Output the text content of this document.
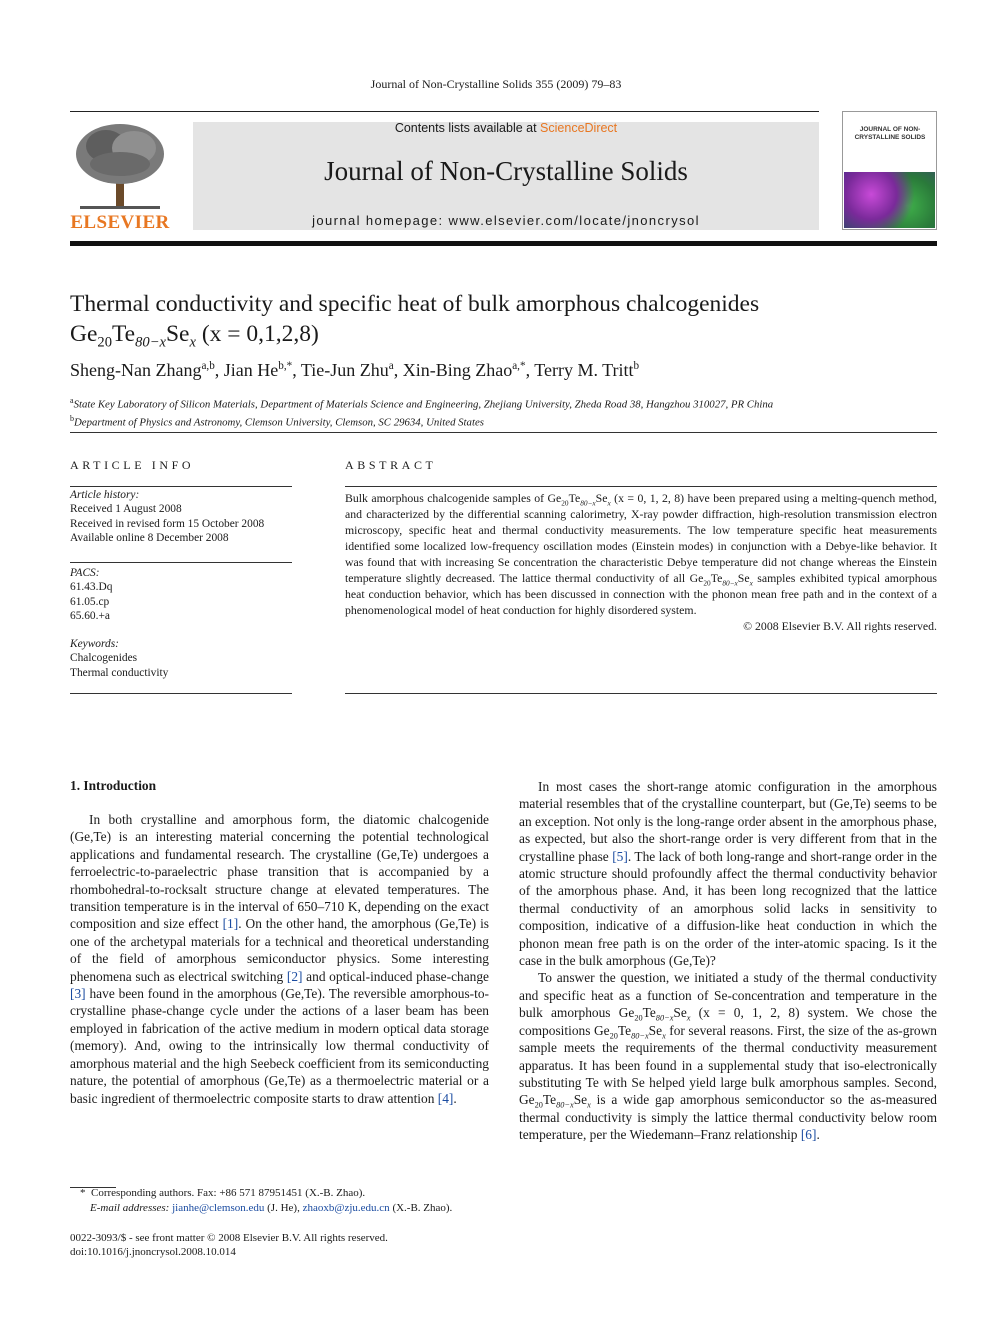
Journal of Non-Crystalline Solids 355 (2009) 79–83
ELSEVIER
Contents lists available at ScienceDirect
Journal of Non-Crystalline Solids
journal homepage: www.elsevier.com/locate/jnoncrysol
JOURNAL OF NON-CRYSTALLINE SOLIDS
Thermal conductivity and specific heat of bulk amorphous chalcogenides
$Ge_{20}Te_{80-x}Se_x$ (x = 0,1,2,8)
Sheng-Nan Zhang$^{a,b}$, Jian $He^{b,*}$, Tie-Jun Zhu$^a$, Xin-Bing Zhao$^{a,*}$, Terry M. Tritt$^b$
$^a$State Key Laboratory of Silicon Materials, Department of Materials Science and Engineering, Zhejiang University, Zheda Road 38, Hangzhou 310027, PR China
$^b$Department of Physics and Astronomy, Clemson University, Clemson, SC 29634, United States
ARTICLE INFO
Article history:
Received 1 August 2008
Received in revised form 15 October 2008
Available online 8 December 2008
PACS:
61.43.Dq
61.05.cp
65.60.+a
Keywords:
Chalcogenides
Thermal conductivity
ABSTRACT
Bulk amorphous chalcogenide samples of $Ge_{20}Te_{80-x}Se_x$ (x = 0, 1, 2, 8) have been prepared using a melting-quench method, and characterized by the differential scanning calorimetry, X-ray powder diffraction, high-resolution transmission electron microscopy, specific heat and thermal conductivity measurements. The low temperature specific heat measurements identified some localized low-frequency oscillation modes (Einstein modes) in conjunction with a Debye-like behavior. It was found that with increasing Se concentration the characteristic Debye temperature did not change whereas the Einstein temperature slightly decreased. The lattice thermal conductivity of all $Ge_{20}Te_{80-x}Se_x$ samples exhibited typical amorphous heat conduction behavior, which has been discussed in connection with the phonon mean free path and in the context of a phenomenological model of heat conduction for highly disordered system.
© 2008 Elsevier B.V. All rights reserved.
1. Introduction

In both crystalline and amorphous form, the diatomic chalcogenide (Ge,Te) is an interesting material concerning the potential technological applications and fundamental research. The crystalline (Ge,Te) undergoes a ferroelectric-to-paraelectric phase transition that is accompanied by a rhombohedral-to-rocksalt structure change at elevated temperatures. The transition temperature is in the interval of 650–710 K, depending on the exact composition and size effect [1]. On the other hand, the amorphous (Ge,Te) is one of the archetypal materials for a technical and theoretical understanding of the field of amorphous semiconductor physics. Some interesting phenomena such as electrical switching [2] and optical-induced phase-change [3] have been found in the amorphous (Ge,Te). The reversible amorphous-to-crystalline phase-change cycle under the actions of a laser beam has been employed in fabrication of the active medium in modern optical data storage (memory). And, owing to the intrinsically low thermal conductivity of amorphous material and the high Seebeck coefficient from its semiconducting nature, the potential of amorphous (Ge,Te) as a thermoelectric material or a basic ingredient of thermoelectric composite starts to draw attention [4].

In most cases the short-range atomic configuration in the amorphous material resembles that of the crystalline counterpart, but (Ge,Te) seems to be an exception. Not only is the long-range order absent in the amorphous phase, as expected, but also the short-range order is very different from that in the crystalline phase [5]. The lack of both long-range and short-range order in the atomic structure should profoundly affect the thermal conductivity behavior of the amorphous phase. And, it has been long recognized that the lattice thermal conductivity of an amorphous solid lacks in sensitivity to composition, indicative of a diffusion-like heat conduction in which the phonon mean free path is on the order of the inter-atomic spacing. Is it the case in the bulk amorphous (Ge,Te)?

To answer the question, we initiated a study of the thermal conductivity and specific heat as a function of Se-concentration and temperature in the bulk amorphous $Ge_{20}Te_{80-x}Se_x$ (x = 0, 1, 2, 8) system. We chose the compositions $Ge_{20}Te_{80-x}Se_x$ for several reasons. First, the size of the as-grown sample meets the requirements of the thermal conductivity measurement apparatus. It has been found in a supplemental study that iso-electronically substituting Te with Se helped yield large bulk amorphous samples. Second, $Ge_{20}Te_{80-x}Se_x$ is a wide gap amorphous semiconductor so the as-measured thermal conductivity is simply the lattice thermal conductivity below room temperature, per the Wiedemann–Franz relationship [6].

* Corresponding authors. Fax: +86 571 87951451 (X.-B. Zhao).
E-mail addresses: jianhe@clemson.edu (J. He), zhaoxb@zju.edu.cn (X.-B. Zhao).
0022-3093/$ - see front matter © 2008 Elsevier B.V. All rights reserved.
doi:10.1016/j.jnoncrysol.2008.10.014
